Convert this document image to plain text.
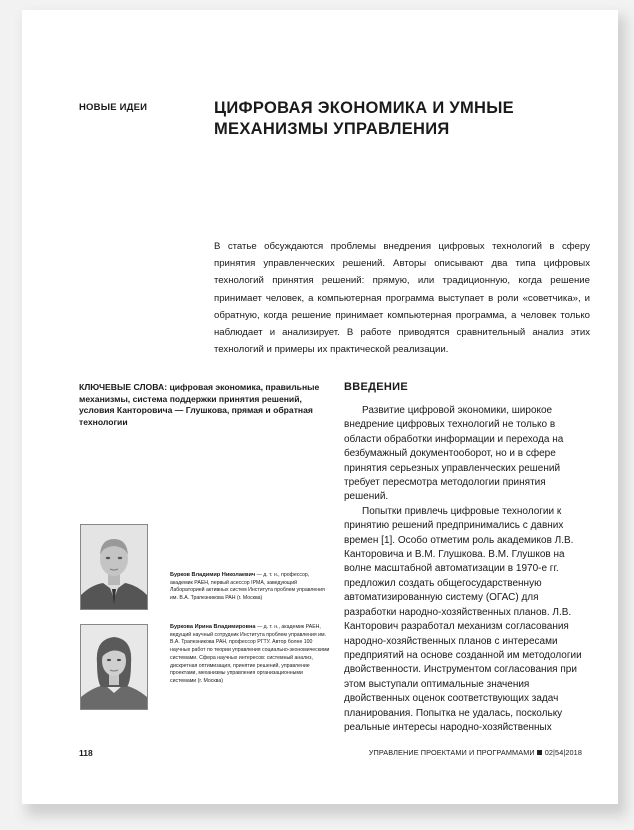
НОВЫЕ ИДЕИ	ЦИФРОВАЯ ЭКОНОМИКА И УМНЫЕ МЕХАНИЗМЫ УПРАВЛЕНИЯ
В статье обсуждаются проблемы внедрения цифровых технологий в сферу принятия управленческих решений. Авторы описывают два типа цифровых технологий принятия решений: прямую, или традиционную, когда решение принимает человек, а компьютерная программа выступает в роли «советчика», и обратную, когда решение принимает компьютерная программа, а человек только наблюдает и анализирует. В работе приводятся сравнительный анализ этих технологий и примеры их практической реализации.
КЛЮЧЕВЫЕ СЛОВА: цифровая экономика, правильные механизмы, система поддержки принятия решений, условия Канторовича — Глушкова, прямая и обратная технологии
ВВЕДЕНИЕ

Развитие цифровой экономики, широкое внедрение цифровых технологий не только в области обработки информации и перехода на безбумажный документооборот, но и в сфере принятия серьезных управленческих решений требует пересмотра методологии принятия решений.

Попытки привлечь цифровые технологии к принятию решений предпринимались с давних времен [1]. Особо отметим роль академиков Л.В. Канторовича и В.М. Глушкова. В.М. Глушков на волне масштабной автоматизации в 1970-е гг. предложил создать общегосударственную автоматизированную систему (ОГАС) для разработки народно-хозяйственных планов. Л.В. Канторович разработал механизм согласования народно-хозяйственных планов с интересами предприятий на основе созданной им методологии двойственности. Инструментом согласования при этом выступали оптимальные значения двойственных оценок соответствующих задач планирования. Попытка не удалась, поскольку реальные интересы народно-хозяйственных

Бурков Владимир Николаевич — д. т. н., профессор, академик РАЕН, первый асессор IPMA, заведующий Лабораторией активных систем Института проблем управления им. В.А. Трапезникова РАН (г. Москва)
Буркова Ирина Владимировна — д. т. н., академик РАЕН, ведущий научный сотрудник Института проблем управления им. В.А. Трапезникова РАН, профессор РГТУ. Автор более 100 научных работ по теории управления социально-экономическими системами. Сфера научных интересов: системный анализ, дискретная оптимизация, принятие решений, управление проектами, механизмы управления организационными системами (г. Москва)
118	УПРАВЛЕНИЕ ПРОЕКТАМИ И ПРОГРАММАМИ 02|54|2018
